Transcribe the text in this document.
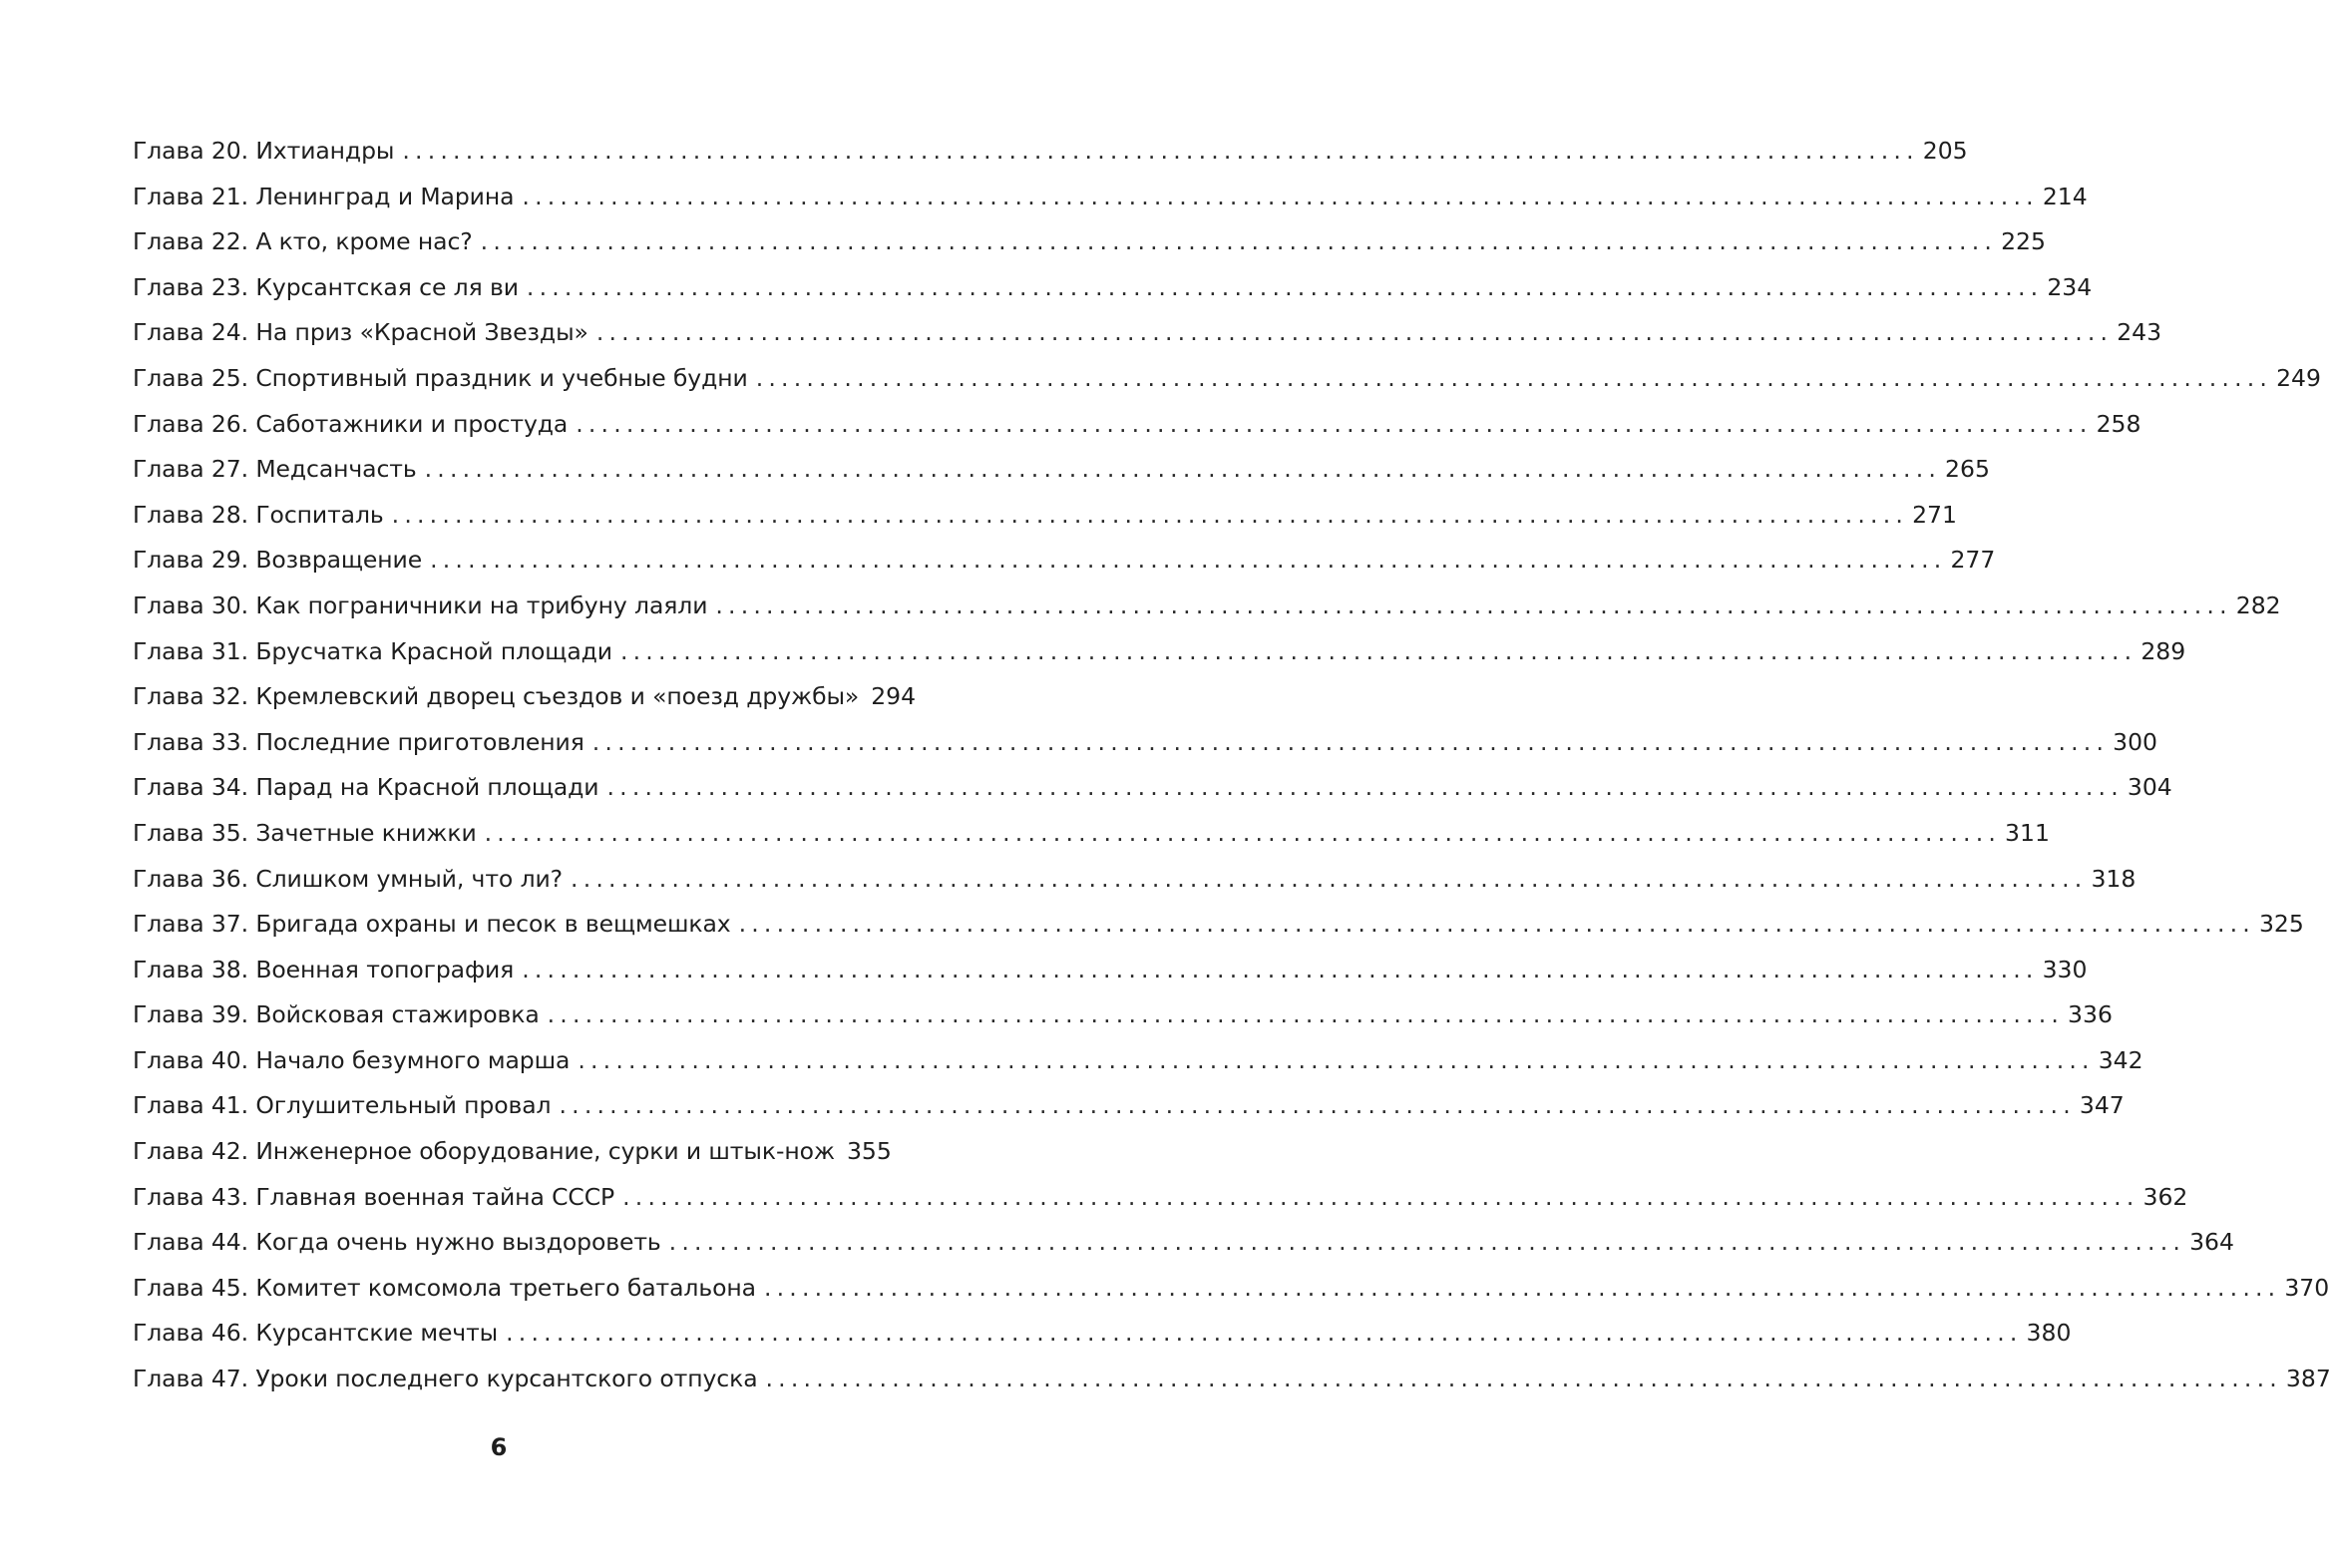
Глава 20. Ихтиандры ........................................................................................................................ 205
Глава 21. Ленинград и Марина ........................................................................................................................ 214
Глава 22. А кто, кроме нас? ........................................................................................................................ 225
Глава 23. Курсантская се ля ви ........................................................................................................................ 234
Глава 24. На приз «Красной Звезды» ........................................................................................................................ 243
Глава 25. Спортивный праздник и учебные будни ........................................................................................................................ 249
Глава 26. Саботажники и простуда ........................................................................................................................ 258
Глава 27. Медсанчасть ........................................................................................................................ 265
Глава 28. Госпиталь ........................................................................................................................ 271
Глава 29. Возвращение ........................................................................................................................ 277
Глава 30. Как пограничники на трибуну лаяли ........................................................................................................................ 282
Глава 31. Брусчатка Красной площади ........................................................................................................................ 289
Глава 32. Кремлевский дворец съездов и «поезд дружбы» 294
Глава 33. Последние приготовления ........................................................................................................................ 300
Глава 34. Парад на Красной площади ........................................................................................................................ 304
Глава 35. Зачетные книжки ........................................................................................................................ 311
Глава 36. Слишком умный, что ли? ........................................................................................................................ 318
Глава 37. Бригада охраны и песок в вещмешках ........................................................................................................................ 325
Глава 38. Военная топография ........................................................................................................................ 330
Глава 39. Войсковая стажировка ........................................................................................................................ 336
Глава 40. Начало безумного марша ........................................................................................................................ 342
Глава 41. Оглушительный провал ........................................................................................................................ 347
Глава 42. Инженерное оборудование, сурки и штык-нож 355
Глава 43. Главная военная тайна СССР ........................................................................................................................ 362
Глава 44. Когда очень нужно выздороветь ........................................................................................................................ 364
Глава 45. Комитет комсомола третьего батальона ........................................................................................................................ 370
Глава 46. Курсантские мечты ........................................................................................................................ 380
Глава 47. Уроки последнего курсантского отпуска ........................................................................................................................ 387
6
